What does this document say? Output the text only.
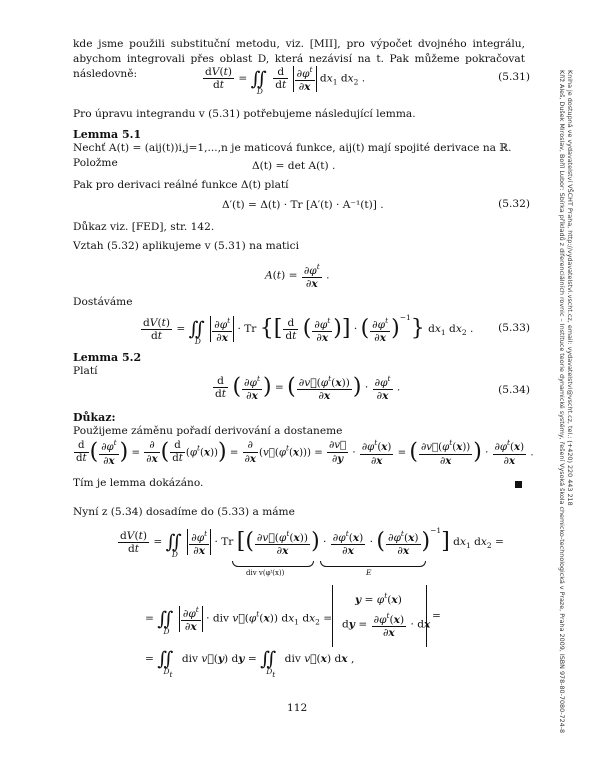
kde jsme použili substituční metodu, viz. [MII], pro výpočet dvojného integrálu, abychom integrovali přes oblast D, která nezávisí na t. Pak můžeme pokračovat následovně:	$\frac{dV(t)}{dt}$ = $∬_D \frac{d}{dt}$
$\frac{\partial\varphi^t}{\partial x} dx_1$ $dx_2$ .	(5.31)
Pro úpravu integrandu v (5.31) potřebujeme následující lemma.
Lemma 5.1
Nechť A(t) = (aij(t))i,j=1,...,n je maticová funkce, aij(t) mají spojité derivace na ℝ. Položme	Δ(t) = det A(t) .
Pak pro derivaci reálné funkce Δ(t) platí
Δ′(t) = Δ(t) · Tr [A′(t) · A⁻¹(t)] .	(5.32)
Důkaz viz. [FED], str. 142.
Vztah (5.32) aplikujeme v (5.31) na matici
$A(t) = \frac{\partial\varphi^t}{\partial x}$ .
Dostáváme
$\frac{dV(t)}{dt}$ = $∬_D \frac{\partial\varphi^t}{\partial x} \cdot Tr$ {[ $\frac{d}{dt}$ ( $\frac{\partial\varphi^t}{\partial x}$ )] · ( $\frac{\partial\varphi^t}{\partial x} )^{-1}$} $dx_1$ $dx_2$ . (5.33)
Lemma 5.2
Platí
$\frac{d}{dt}$ ( $\frac{\partial\varphi^t}{\partial x}$ ) = ( $\frac{\partial v⃗(\varphi^t(x))}{\partial x}$ ) · $\frac{\partial\varphi^t}{\partial x}$ .	(5.34)
Důkaz:
Použijeme záměnu pořadí derivování a dostaneme
$\frac{d}{dt}$ ( $\frac{\partial\varphi^t}{\partial x}$ ) =
∂
∂x ( $\frac{d}{dt} (\varphi^t(x))$) =
∂
∂x $(v⃗(\varphi^t(x))) = \frac{\partial v⃗}{\partial y} \cdot \frac{\partial\varphi^t(x)}{\partial x}$ = ( $\frac{\partial v⃗(\varphi^t(x))}{\partial x}$ ) · $\frac{\partial\varphi^t(x)}{\partial x}$ .
Tím je lemma dokázáno.
Nyní z (5.34) dosadíme do (5.33) a máme
$\frac{dV(t)}{dt}$ = $∬_D \frac{\partial\varphi^t}{\partial x} \cdot Tr$ [( $\frac{\partial v⃗(\varphi^t(x))}{\partial x}$ ) · $\frac{\partial\varphi^t(x)}{\partial x}$ · ( $\frac{\partial\varphi^t(x)}{\partial x} )^{-1}$] $dx_1$ $dx_2$ =
div v(φᵗ(x))	E
= $∬_D \frac{\partial\varphi^t}{\partial x}$ · div $v⃗(\varphi^t(x))$ $dx_1$ $dx_2$ =
$y = \varphi^t(x)$
dy = $\frac{\partial\varphi^t(x)}{\partial x}$ · dx
=
= $∬_{Dt}$ div v⃗(y) dy = $∬_{Dt}$ div v⃗(x) dx ,
112	Kříž Aleš, Dušek Miroslav, Boříl Lubor: Sbírka příkladů z diferenciálních rovnic – Instituce teorie dynamické systémy, řešení Vysoká škola chemicko-technologická v Praze, Praha 2009, ISBN 978-80-7080-724-8 Kniha je dostupná ve vydavatelství VŠCHT Praha, http://vydavatelstvi.vscht.cz, email: vydavatelstvi@vscht.cz, tel.: (+420) 220 443 218
